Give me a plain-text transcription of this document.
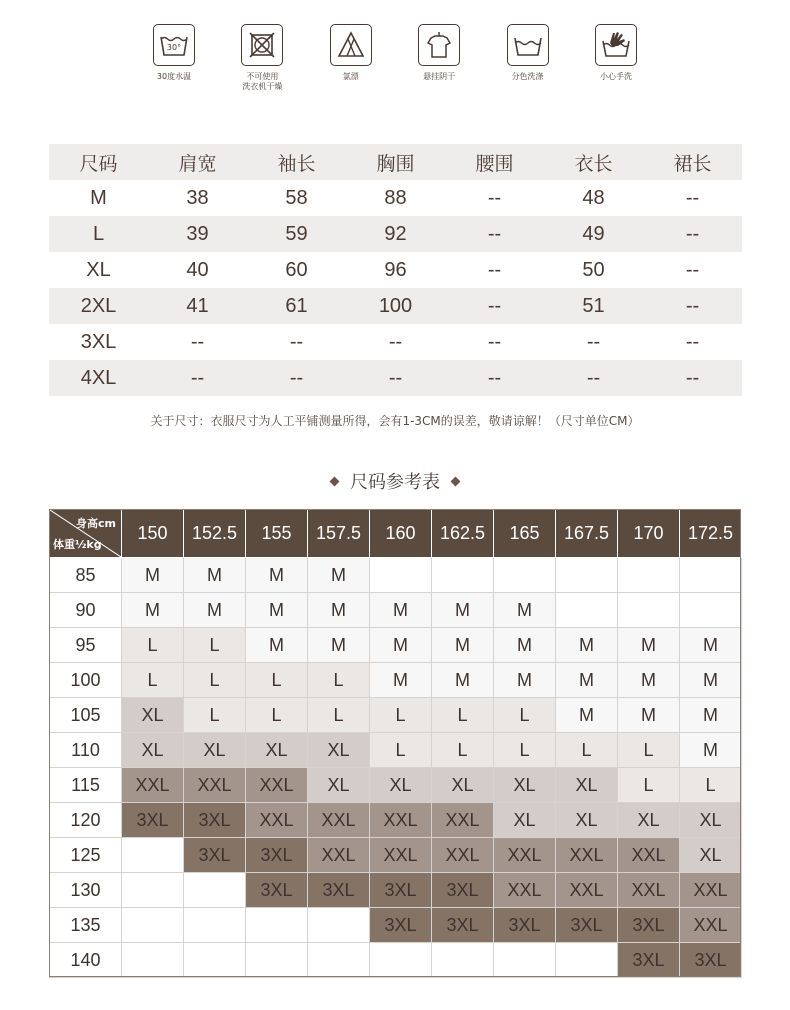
30°
30度水温	不可使用
洗衣机干燥
氯漂	悬挂阴干	分色洗涤	小心手洗
尺码	肩宽	袖长	胸围	腰围	衣长	裙长
M	38	58	88	--	48	--
L	39	59	92	--	49	--
XL	40	60	96	--	50	--
2XL	41	61	100	--	51	--
3XL	--	--	--	--	--	--
4XL	--	--	--	--	--	--
关于尺寸：衣服尺寸为人工平铺测量所得，会有1-3CM的误差，敬请谅解！（尺寸单位CM）
尺码参考表
身高cm
体重½kg	150	152.5	155	157.5	160	162.5	165	167.5	170	172.5
85	M	M	M	M						
90	M	M	M	M	M	M	M			
95	L	L	M	M	M	M	M	M	M	M
100	L	L	L	L	M	M	M	M	M	M
105	XL	L	L	L	L	L	L	M	M	M
110	XL	XL	XL	XL	L	L	L	L	L	M
115	XXL	XXL	XXL	XL	XL	XL	XL	XL	L	L
120	3XL	3XL	XXL	XXL	XXL	XXL	XL	XL	XL	XL
125		3XL	3XL	XXL	XXL	XXL	XXL	XXL	XXL	XL
130			3XL	3XL	3XL	3XL	XXL	XXL	XXL	XXL
135					3XL	3XL	3XL	3XL	3XL	XXL
140									3XL	3XL
